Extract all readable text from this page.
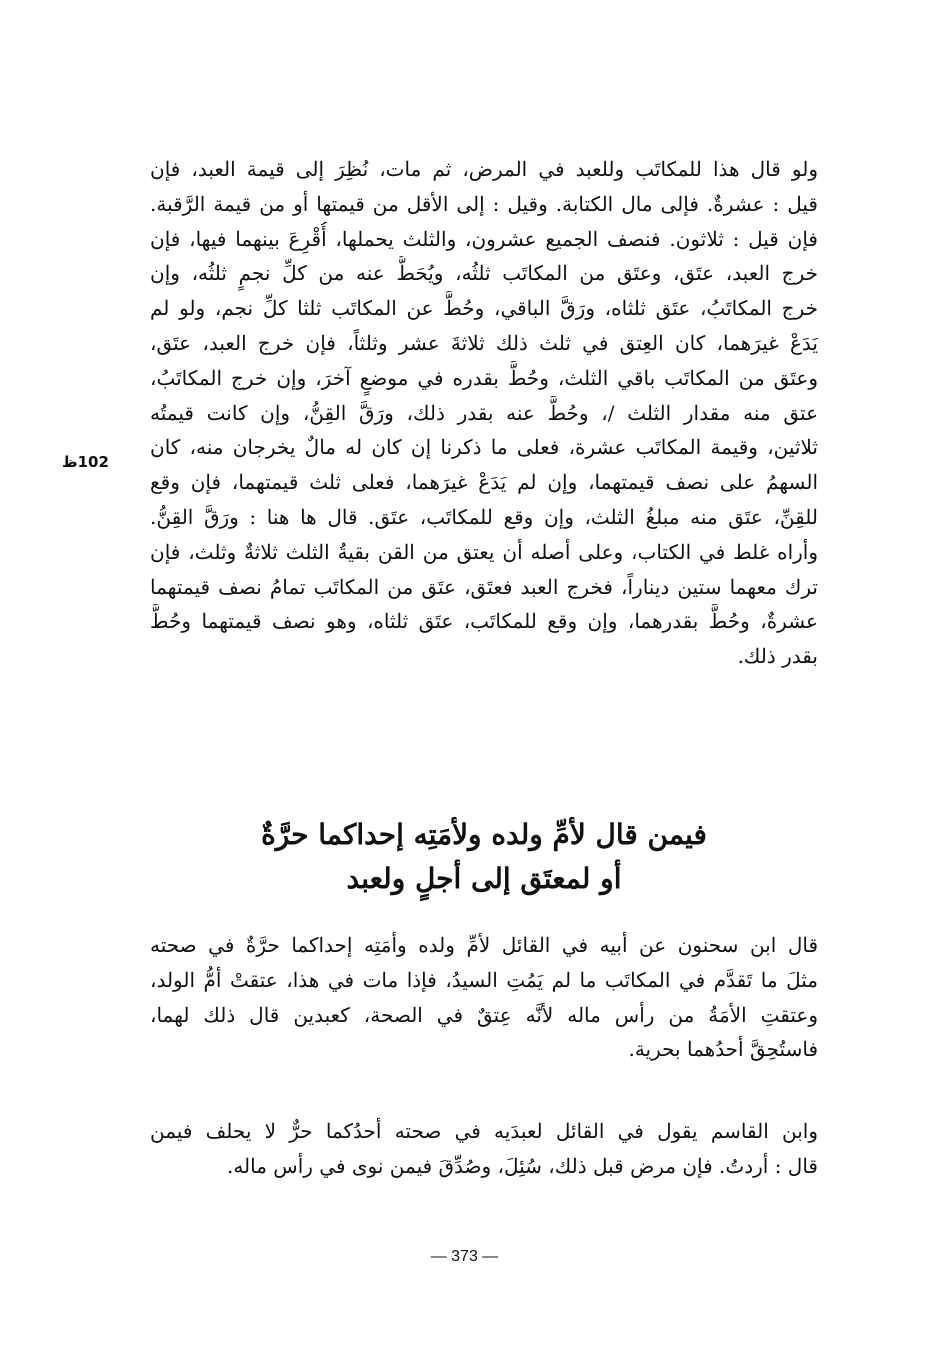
ولو قال هذا للمكاتَب وللعبد في المرض، ثم مات، نُظِرَ إلى قيمة العبد، فإن
قيل : عشرةٌ. فإلى مال الكتابة. وقيل : إلى الأقل من قيمتها أو من قيمة الرَّقبة.
فإن قيل : ثلاثون. فنصف الجميع عشرون، والثلث يحملها، أُقْرِعَ بينهما فيها، فإن
خرج العبد، عتَق، وعتَق من المكاتَب ثلثُه، ويُحَطُّ عنه من كلِّ نجمٍ ثلثُه، وإن
خرج المكاتَبُ، عتَق ثلثاه، ورَقَّ الباقي، وحُطَّ عن المكاتَب ثلثا كلِّ نجم، ولو لم
يَدَعْ غيرَهما، كان العِتق في ثلث ذلك ثلاثةَ عشر وثلثاً، فإن خرج العبد، عتَق،
وعتَق من المكاتَب باقي الثلث، وحُطَّ بقدره في موضعٍ آخرَ، وإن خرج المكاتَبُ،
عتق منه مقدار الثلث /، وحُطَّ عنه بقدر ذلك، ورَقَّ القِنُّ، وإن كانت قيمتُه
ثلاثين، وقيمة المكاتَب عشرة، فعلى ما ذكرنا إن كان له مالٌ يخرجان منه، كان
السهمُ على نصف قيمتهما، وإن لم يَدَعْ غيرَهما، فعلى ثلث قيمتهما، فإن وقع
للقِنِّ، عتَق منه مبلغُ الثلث، وإن وقع للمكاتَب، عتَق. قال ها هنا : ورَقَّ القِنُّ.
وأراه غلط في الكتاب، وعلى أصله أن يعتق من القن بقيةُ الثلث ثلاثةٌ وثلث، فإن
ترك معهما ستين ديناراً، فخرج العبد فعتَق، عتَق من المكاتَب تمامُ نصف قيمتهما
عشرةٌ، وحُطَّ بقدرهما، وإن وقع للمكاتَب، عتَق ثلثاه، وهو نصف قيمتهما وحُطَّ
بقدر ذلك.
102ظ
فيمن قال لأمِّ ولده ولأمَتِه إحداكما حرَّةٌ
أو لمعتَق إلى أجلٍ ولعبد
قال ابن سحنون عن أبيه في القائل لأمِّ ولده وأمَتِه إحداكما حرَّةٌ في صحته
مثلَ ما تَقدَّم في المكاتَب ما لم يَمُتِ السيدُ، فإذا مات في هذا، عتقتْ أمُّ الولد،
وعتقتِ الأمَةُ من رأس ماله لأنَّه عِتقٌ في الصحة، كعبدين قال ذلك لهما،
فاستُحِقَّ أحدُهما بحرية.
وابن القاسم يقول في القائل لعبدَيه في صحته أحدُكما حرٌّ لا يحلف فيمن
قال : أردتُ. فإن مرض قبل ذلك، سُئِلَ، وصُدِّقَ فيمن نوى في رأس ماله.
— 373 —
